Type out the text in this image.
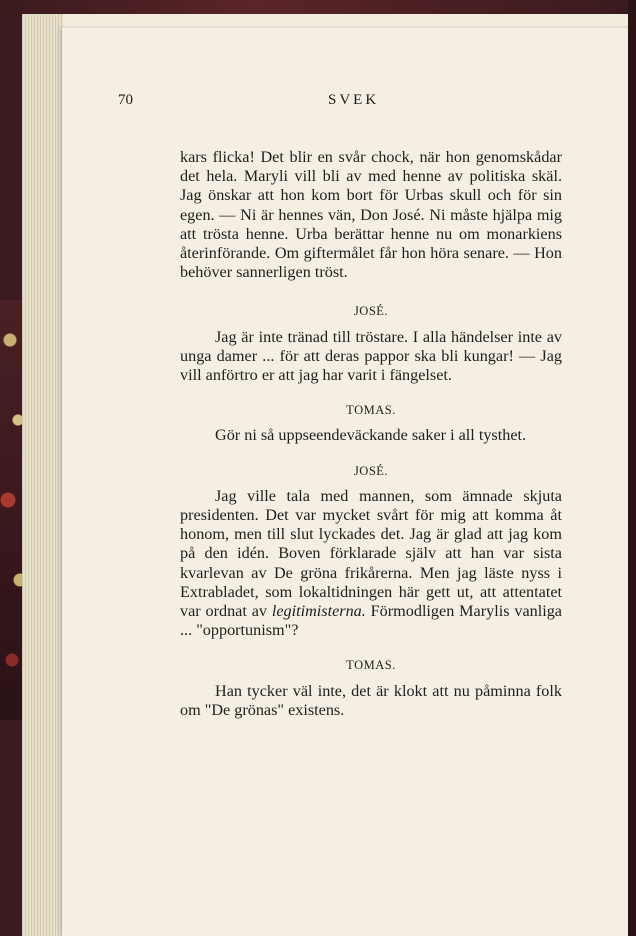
70	SVEK

kars flicka! Det blir en svår chock, när hon genomskådar det hela. Maryli vill bli av med henne av politiska skäl. Jag önskar att hon kom bort för Urbas skull och för sin egen. — Ni är hennes vän, Don José. Ni måste hjälpa mig att trösta henne. Urba berättar henne nu om monarkiens återinförande. Om giftermålet får hon höra senare. — Hon behöver sannerligen tröst.

JOSÉ.

Jag är inte tränad till tröstare. I alla händelser inte av unga damer ... för att deras pappor ska bli kungar! — Jag vill anförtro er att jag har varit i fängelset.

TOMAS.

Gör ni så uppseendeväckande saker i all tysthet.

JOSÉ.

Jag ville tala med mannen, som ämnade skjuta presidenten. Det var mycket svårt för mig att komma åt honom, men till slut lyckades det. Jag är glad att jag kom på den idén. Boven förklarade själv att han var sista kvarlevan av De gröna frikårerna. Men jag läste nyss i Extrabladet, som lokaltidningen här gett ut, att attentatet var ordnat av legitimisterna. Förmodligen Marylis vanliga ... "opportunism"?

TOMAS.

Han tycker väl inte, det är klokt att nu påminna folk om "De grönas" existens.
